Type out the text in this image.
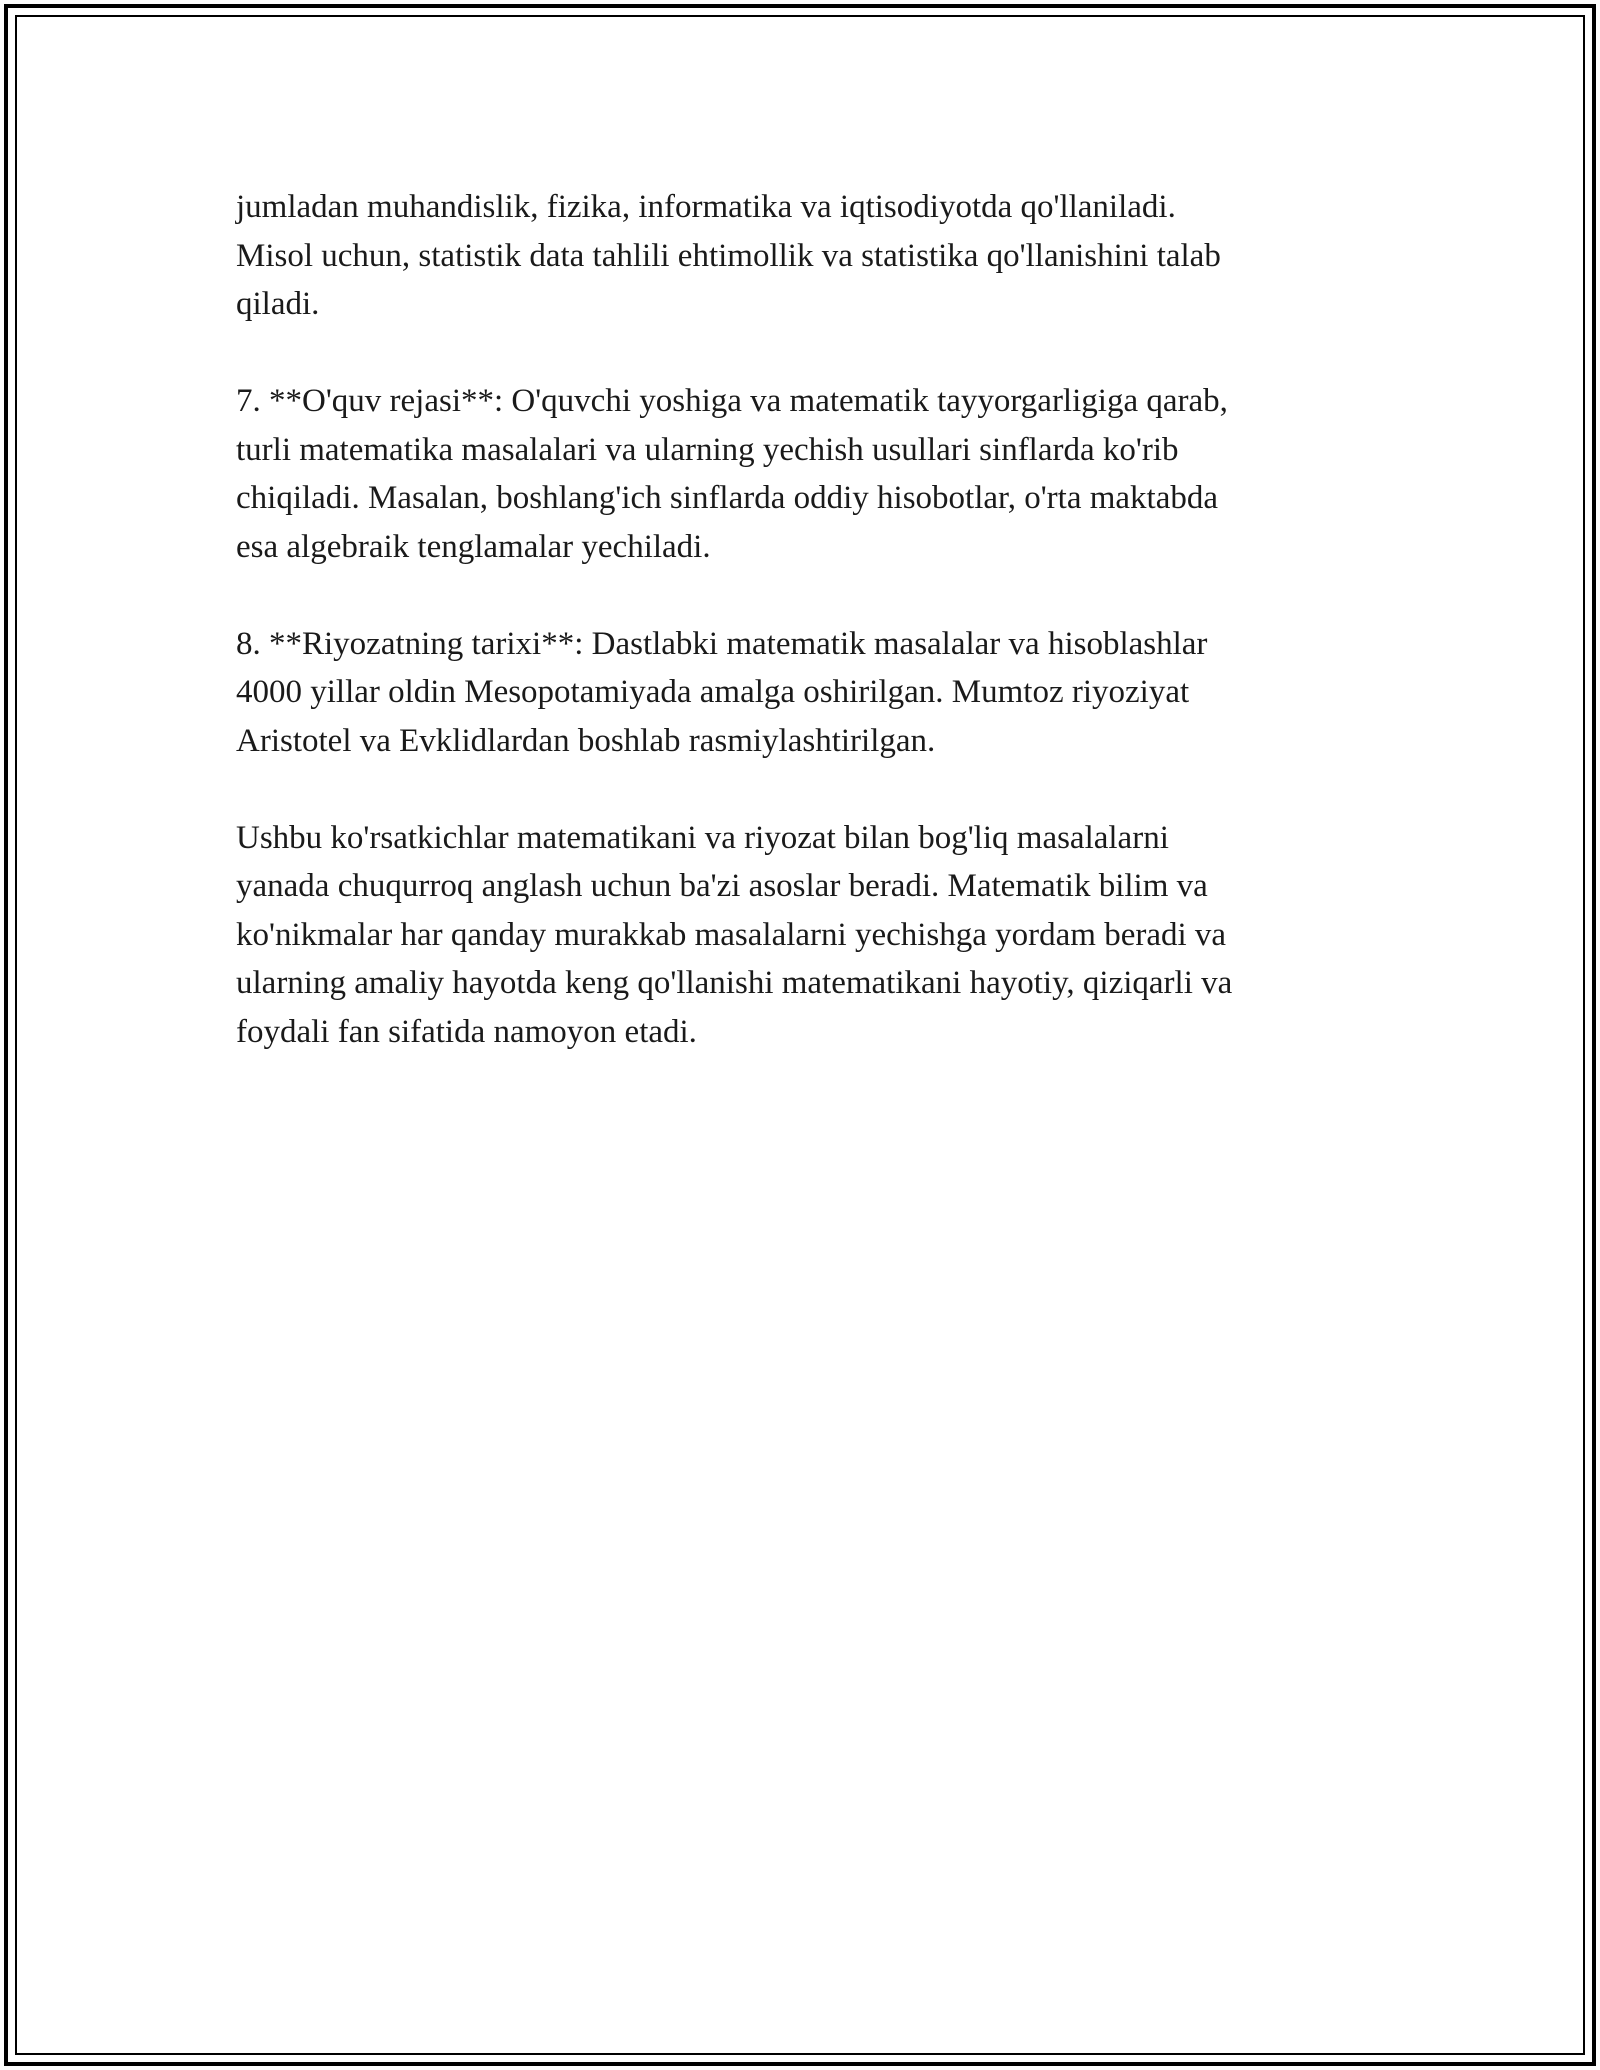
jumladan muhandislik, fizika, informatika va iqtisodiyotda qo'llaniladi.
Misol uchun, statistik data tahlili ehtimollik va statistika qo'llanishini talab
qiladi.

7. **O'quv rejasi**: O'quvchi yoshiga va matematik tayyorgarligiga qarab,
turli matematika masalalari va ularning yechish usullari sinflarda ko'rib
chiqiladi. Masalan, boshlang'ich sinflarda oddiy hisobotlar, o'rta maktabda
esa algebraik tenglamalar yechiladi.

8. **Riyozatning tarixi**: Dastlabki matematik masalalar va hisoblashlar
4000 yillar oldin Mesopotamiyada amalga oshirilgan. Mumtoz riyoziyat
Aristotel va Evklidlardan boshlab rasmiylashtirilgan.

Ushbu ko'rsatkichlar matematikani va riyozat bilan bog'liq masalalarni
yanada chuqurroq anglash uchun ba'zi asoslar beradi. Matematik bilim va
ko'nikmalar har qanday murakkab masalalarni yechishga yordam beradi va
ularning amaliy hayotda keng qo'llanishi matematikani hayotiy, qiziqarli va
foydali fan sifatida namoyon etadi.
